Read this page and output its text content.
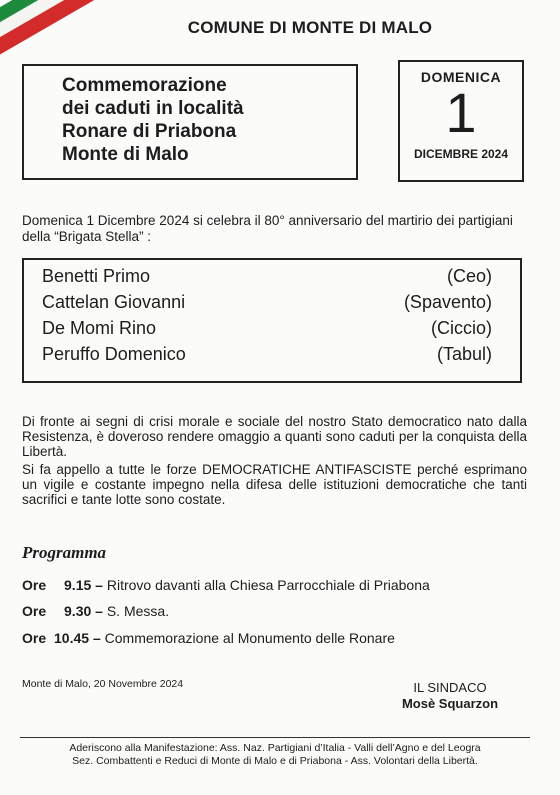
COMUNE DI MONTE DI MALO
Commemorazione
dei caduti in località
Ronare di Priabona
Monte di Malo
DOMENICA
1
DICEMBRE 2024
Domenica 1 Dicembre 2024 si celebra il 80° anniversario del martirio dei partigiani della “Brigata Stella” :
Benetti Primo	(Ceo)
Cattelan Giovanni	(Spavento)
De Momi Rino	(Ciccio)
Peruffo Domenico	(Tabul)
Di fronte ai segni di crisi morale e sociale del nostro Stato democratico nato dalla Resistenza, è doveroso rendere omaggio a quanti sono caduti per la conquista della Libertà.
Si fa appello a tutte le forze DEMOCRATICHE ANTIFASCISTE perché esprimano un vigile e costante impegno nella difesa delle istituzioni democratiche che tanti sacrifici e tante lotte sono costate.
Programma
Ore 9.15 – Ritrovo davanti alla Chiesa Parrocchiale di Priabona
Ore 9.30 – S. Messa.
Ore 10.45 – Commemorazione al Monumento delle Ronare
Monte di Malo, 20 Novembre 2024	IL SINDACO
Mosè Squarzon
Aderiscono alla Manifestazione: Ass. Naz. Partigiani d’Italia - Valli dell’Agno e del Leogra
Sez. Combattenti e Reduci di Monte di Malo e di Priabona - Ass. Volontari della Libertà.
